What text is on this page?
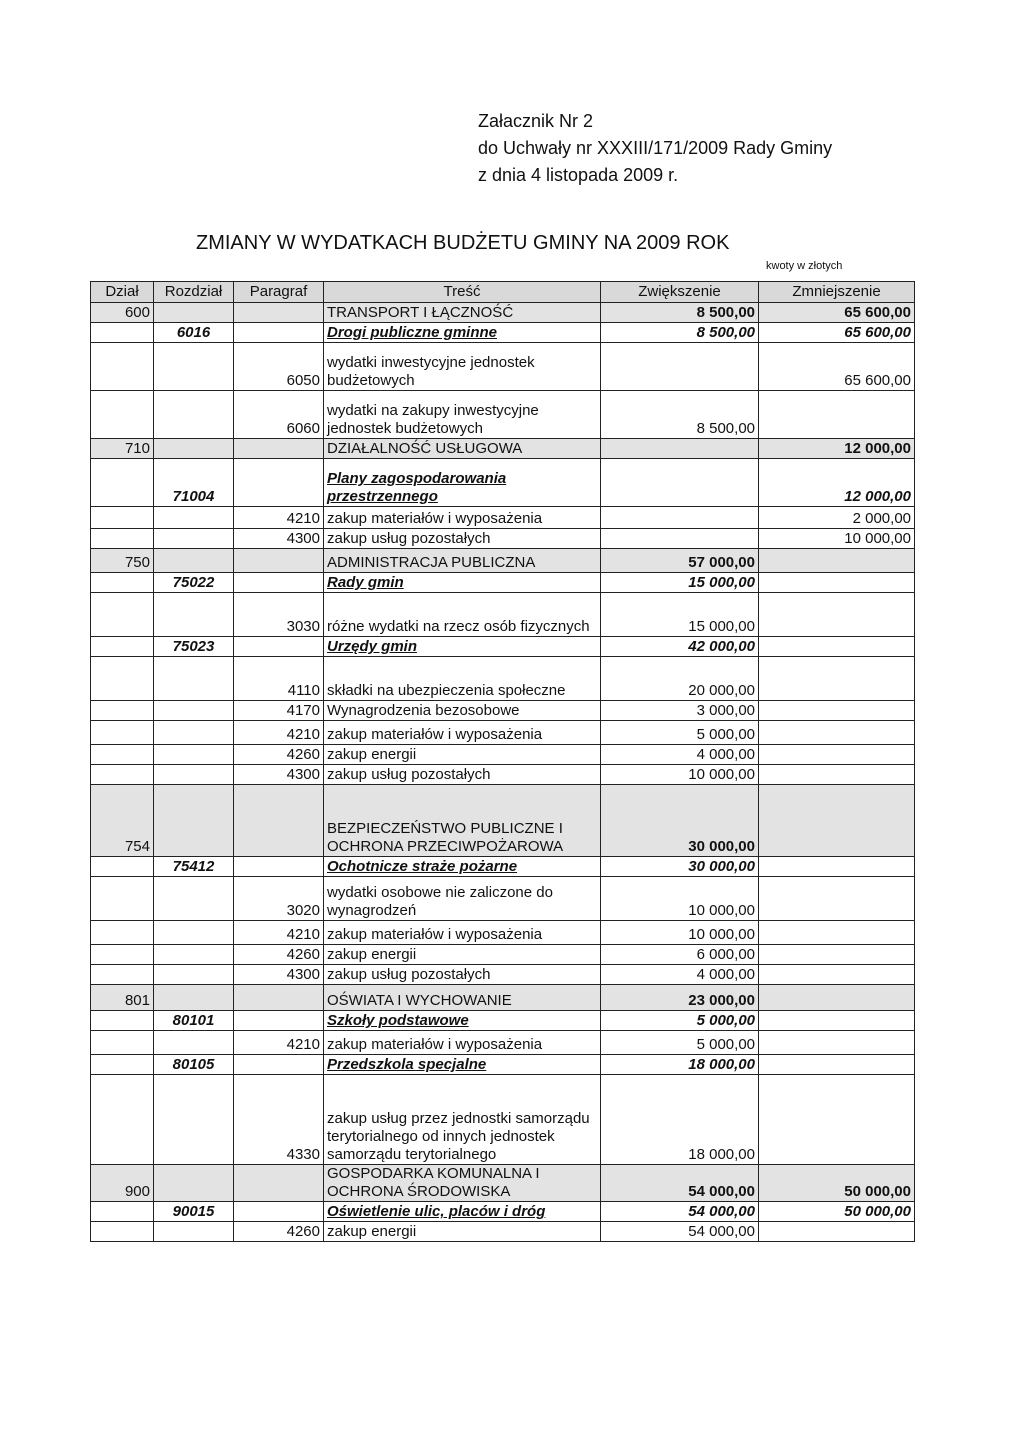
Załacznik Nr 2
do Uchwały nr XXXIII/171/2009 Rady Gminy
z dnia 4 listopada 2009 r.
ZMIANY W WYDATKACH BUDŻETU GMINY NA 2009 ROK
kwoty w złotych
Dział	Rozdział	Paragraf	Treść	Zwiększenie	Zmniejszenie
600			TRANSPORT I ŁĄCZNOŚĆ	8 500,00	65 600,00
	6016		Drogi publiczne gminne	8 500,00	65 600,00
		6050	wydatki inwestycyjne jednostek budżetowych		65 600,00
		6060	wydatki na zakupy inwestycyjne jednostek budżetowych	8 500,00	
710			DZIAŁALNOŚĆ USŁUGOWA		12 000,00
	71004		Plany zagospodarowania przestrzennego		12 000,00
		4210	zakup materiałów i wyposażenia		2 000,00
		4300	zakup usług pozostałych		10 000,00
750			ADMINISTRACJA PUBLICZNA	57 000,00	
	75022		Rady gmin	15 000,00	
		3030	różne wydatki na rzecz osób fizycznych	15 000,00	
	75023		Urzędy gmin	42 000,00	
		4110	składki na ubezpieczenia społeczne	20 000,00	
		4170	Wynagrodzenia bezosobowe	3 000,00	
		4210	zakup materiałów i wyposażenia	5 000,00	
		4260	zakup energii	4 000,00	
		4300	zakup usług pozostałych	10 000,00	
754			BEZPIECZEŃSTWO PUBLICZNE I OCHRONA PRZECIWPOŻAROWA	30 000,00	
	75412		Ochotnicze straże pożarne	30 000,00	
		3020	wydatki osobowe nie zaliczone do wynagrodzeń	10 000,00	
		4210	zakup materiałów i wyposażenia	10 000,00	
		4260	zakup energii	6 000,00	
		4300	zakup usług pozostałych	4 000,00	
801			OŚWIATA I WYCHOWANIE	23 000,00	
	80101		Szkoły podstawowe	5 000,00	
		4210	zakup materiałów i wyposażenia	5 000,00	
	80105		Przedszkola specjalne	18 000,00	
		4330	zakup usług przez jednostki samorządu terytorialnego od innych jednostek samorządu terytorialnego	18 000,00	
900			GOSPODARKA KOMUNALNA I OCHRONA ŚRODOWISKA	54 000,00	50 000,00
	90015		Oświetlenie ulic, placów i dróg	54 000,00	50 000,00
		4260	zakup energii	54 000,00	
